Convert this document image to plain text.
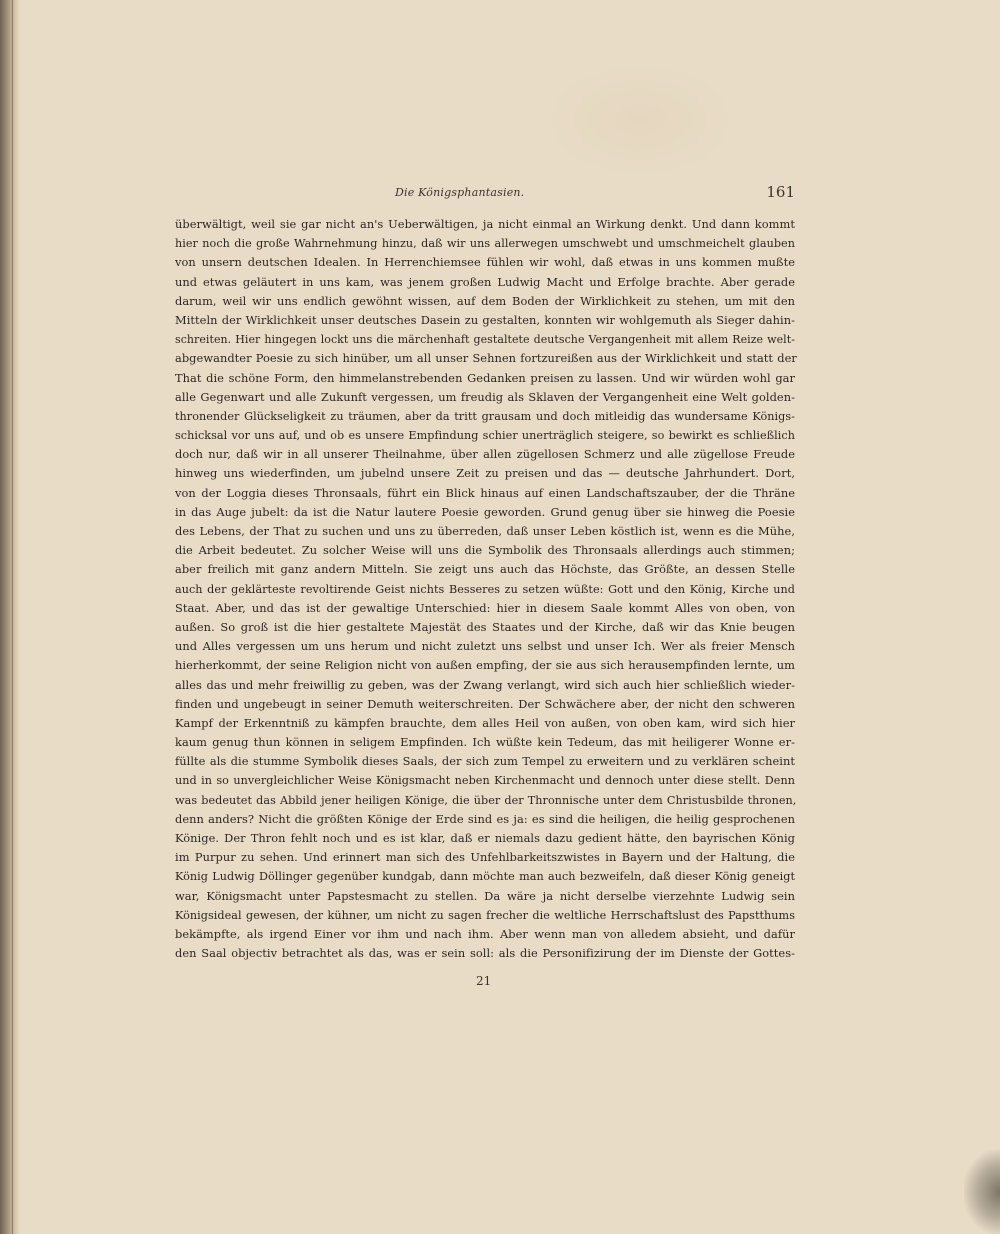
Die Königsphantasien.	161
überwältigt, weil sie gar nicht an's Ueberwältigen, ja nicht einmal an Wirkung denkt. Und dann kommt
hier noch die große Wahrnehmung hinzu, daß wir uns allerwegen umschwebt und umschmeichelt glauben
von unsern deutschen Idealen. In Herrenchiemsee fühlen wir wohl, daß etwas in uns kommen mußte
und etwas geläutert in uns kam, was jenem großen Ludwig Macht und Erfolge brachte. Aber gerade
darum, weil wir uns endlich gewöhnt wissen, auf dem Boden der Wirklichkeit zu stehen, um mit den
Mitteln der Wirklichkeit unser deutsches Dasein zu gestalten, konnten wir wohlgemuth als Sieger dahin-
schreiten. Hier hingegen lockt uns die märchenhaft gestaltete deutsche Vergangenheit mit allem Reize welt-
abgewandter Poesie zu sich hinüber, um all unser Sehnen fortzureißen aus der Wirklichkeit und statt der
That die schöne Form, den himmelanstrebenden Gedanken preisen zu lassen. Und wir würden wohl gar
alle Gegenwart und alle Zukunft vergessen, um freudig als Sklaven der Vergangenheit eine Welt golden-
thronender Glückseligkeit zu träumen, aber da tritt grausam und doch mitleidig das wundersame Königs-
schicksal vor uns auf, und ob es unsere Empfindung schier unerträglich steigere, so bewirkt es schließlich
doch nur, daß wir in all unserer Theilnahme, über allen zügellosen Schmerz und alle zügellose Freude
hinweg uns wiederfinden, um jubelnd unsere Zeit zu preisen und das — deutsche Jahrhundert. Dort,
von der Loggia dieses Thronsaals, führt ein Blick hinaus auf einen Landschaftszauber, der die Thräne
in das Auge jubelt: da ist die Natur lautere Poesie geworden. Grund genug über sie hinweg die Poesie
des Lebens, der That zu suchen und uns zu überreden, daß unser Leben köstlich ist, wenn es die Mühe,
die Arbeit bedeutet. Zu solcher Weise will uns die Symbolik des Thronsaals allerdings auch stimmen;
aber freilich mit ganz andern Mitteln. Sie zeigt uns auch das Höchste, das Größte, an dessen Stelle
auch der geklärteste revoltirende Geist nichts Besseres zu setzen wüßte: Gott und den König, Kirche und
Staat. Aber, und das ist der gewaltige Unterschied: hier in diesem Saale kommt Alles von oben, von
außen. So groß ist die hier gestaltete Majestät des Staates und der Kirche, daß wir das Knie beugen
und Alles vergessen um uns herum und nicht zuletzt uns selbst und unser Ich. Wer als freier Mensch
hierherkommt, der seine Religion nicht von außen empfing, der sie aus sich herausempfinden lernte, um
alles das und mehr freiwillig zu geben, was der Zwang verlangt, wird sich auch hier schließlich wieder-
finden und ungebeugt in seiner Demuth weiterschreiten. Der Schwächere aber, der nicht den schweren
Kampf der Erkenntniß zu kämpfen brauchte, dem alles Heil von außen, von oben kam, wird sich hier
kaum genug thun können in seligem Empfinden. Ich wüßte kein Tedeum, das mit heiligerer Wonne er-
füllte als die stumme Symbolik dieses Saals, der sich zum Tempel zu erweitern und zu verklären scheint
und in so unvergleichlicher Weise Königsmacht neben Kirchenmacht und dennoch unter diese stellt. Denn
was bedeutet das Abbild jener heiligen Könige, die über der Thronnische unter dem Christusbilde thronen,
denn anders? Nicht die größten Könige der Erde sind es ja: es sind die heiligen, die heilig gesprochenen
Könige. Der Thron fehlt noch und es ist klar, daß er niemals dazu gedient hätte, den bayrischen König
im Purpur zu sehen. Und erinnert man sich des Unfehlbarkeitszwistes in Bayern und der Haltung, die
König Ludwig Döllinger gegenüber kundgab, dann möchte man auch bezweifeln, daß dieser König geneigt
war, Königsmacht unter Papstesmacht zu stellen. Da wäre ja nicht derselbe vierzehnte Ludwig sein
Königsideal gewesen, der kühner, um nicht zu sagen frecher die weltliche Herrschaftslust des Papstthums
bekämpfte, als irgend Einer vor ihm und nach ihm. Aber wenn man von alledem absieht, und dafür
den Saal objectiv betrachtet als das, was er sein soll: als die Personifizirung der im Dienste der Gottes-
21
